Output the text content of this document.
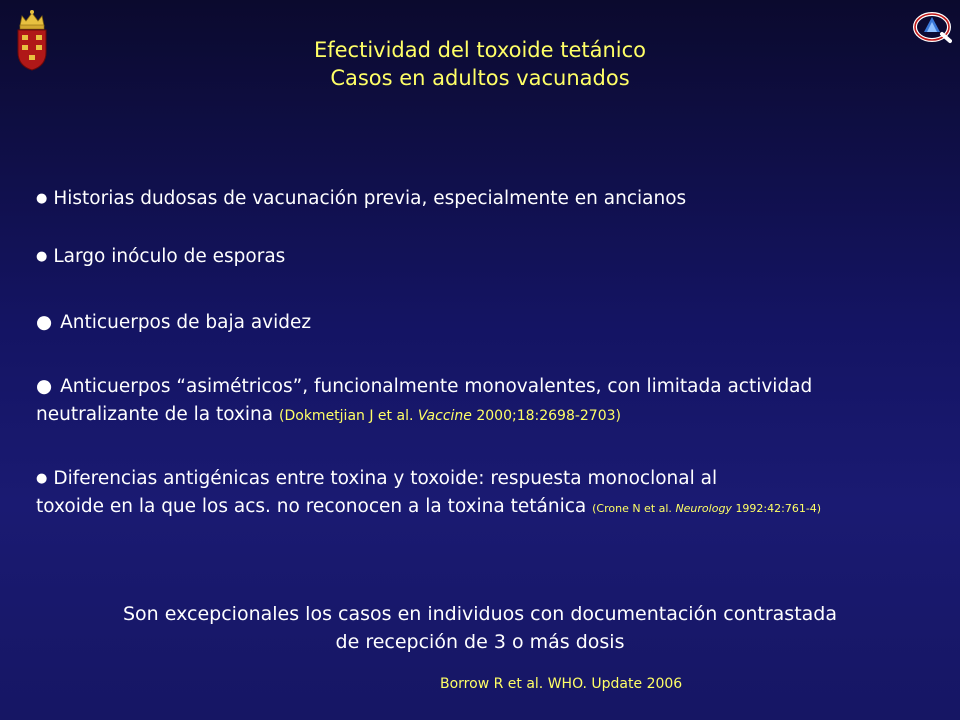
Efectividad del toxoide tetánico
Casos en adultos vacunados
● Historias dudosas de vacunación previa, especialmente en ancianos
● Largo inóculo de esporas
● Anticuerpos de baja avidez
● Anticuerpos “asimétricos”, funcionalmente monovalentes, con limitada actividad
neutralizante de la toxina (Dokmetjian J et al. Vaccine 2000;18:2698-2703)
● Diferencias antigénicas entre toxina y toxoide: respuesta monoclonal al
toxoide en la que los acs. no reconocen a la toxina tetánica (Crone N et al. Neurology 1992:42:761-4)
Son excepcionales los casos en individuos con documentación contrastada
de recepción de 3 o más dosis
Borrow R et al. WHO. Update 2006
